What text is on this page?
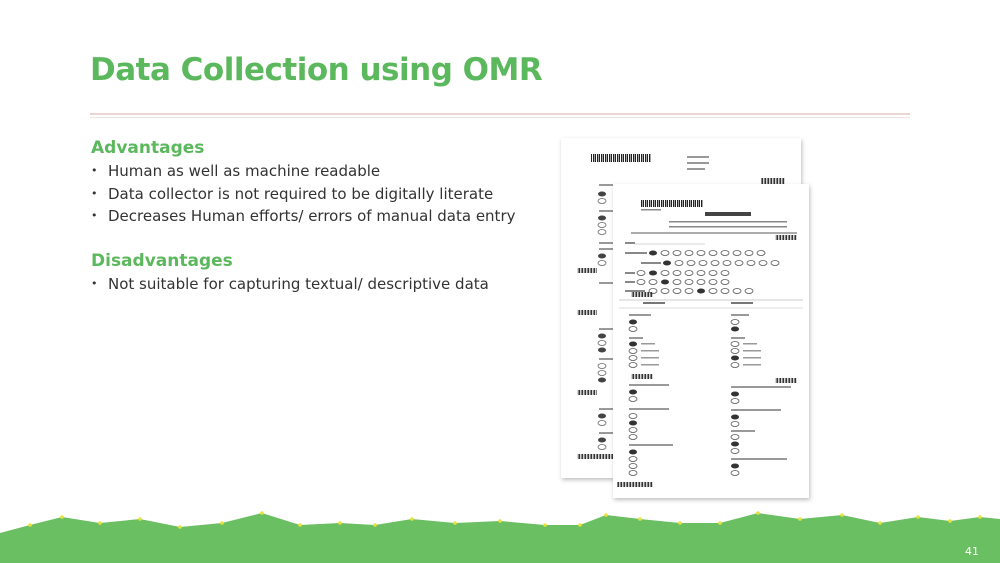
Data Collection using OMR
Advantages
• Human as well as machine readable
• Data collector is not required to be digitally literate
• Decreases Human efforts/ errors of manual data entry
Disadvantages
• Not suitable for capturing textual/ descriptive data
41
